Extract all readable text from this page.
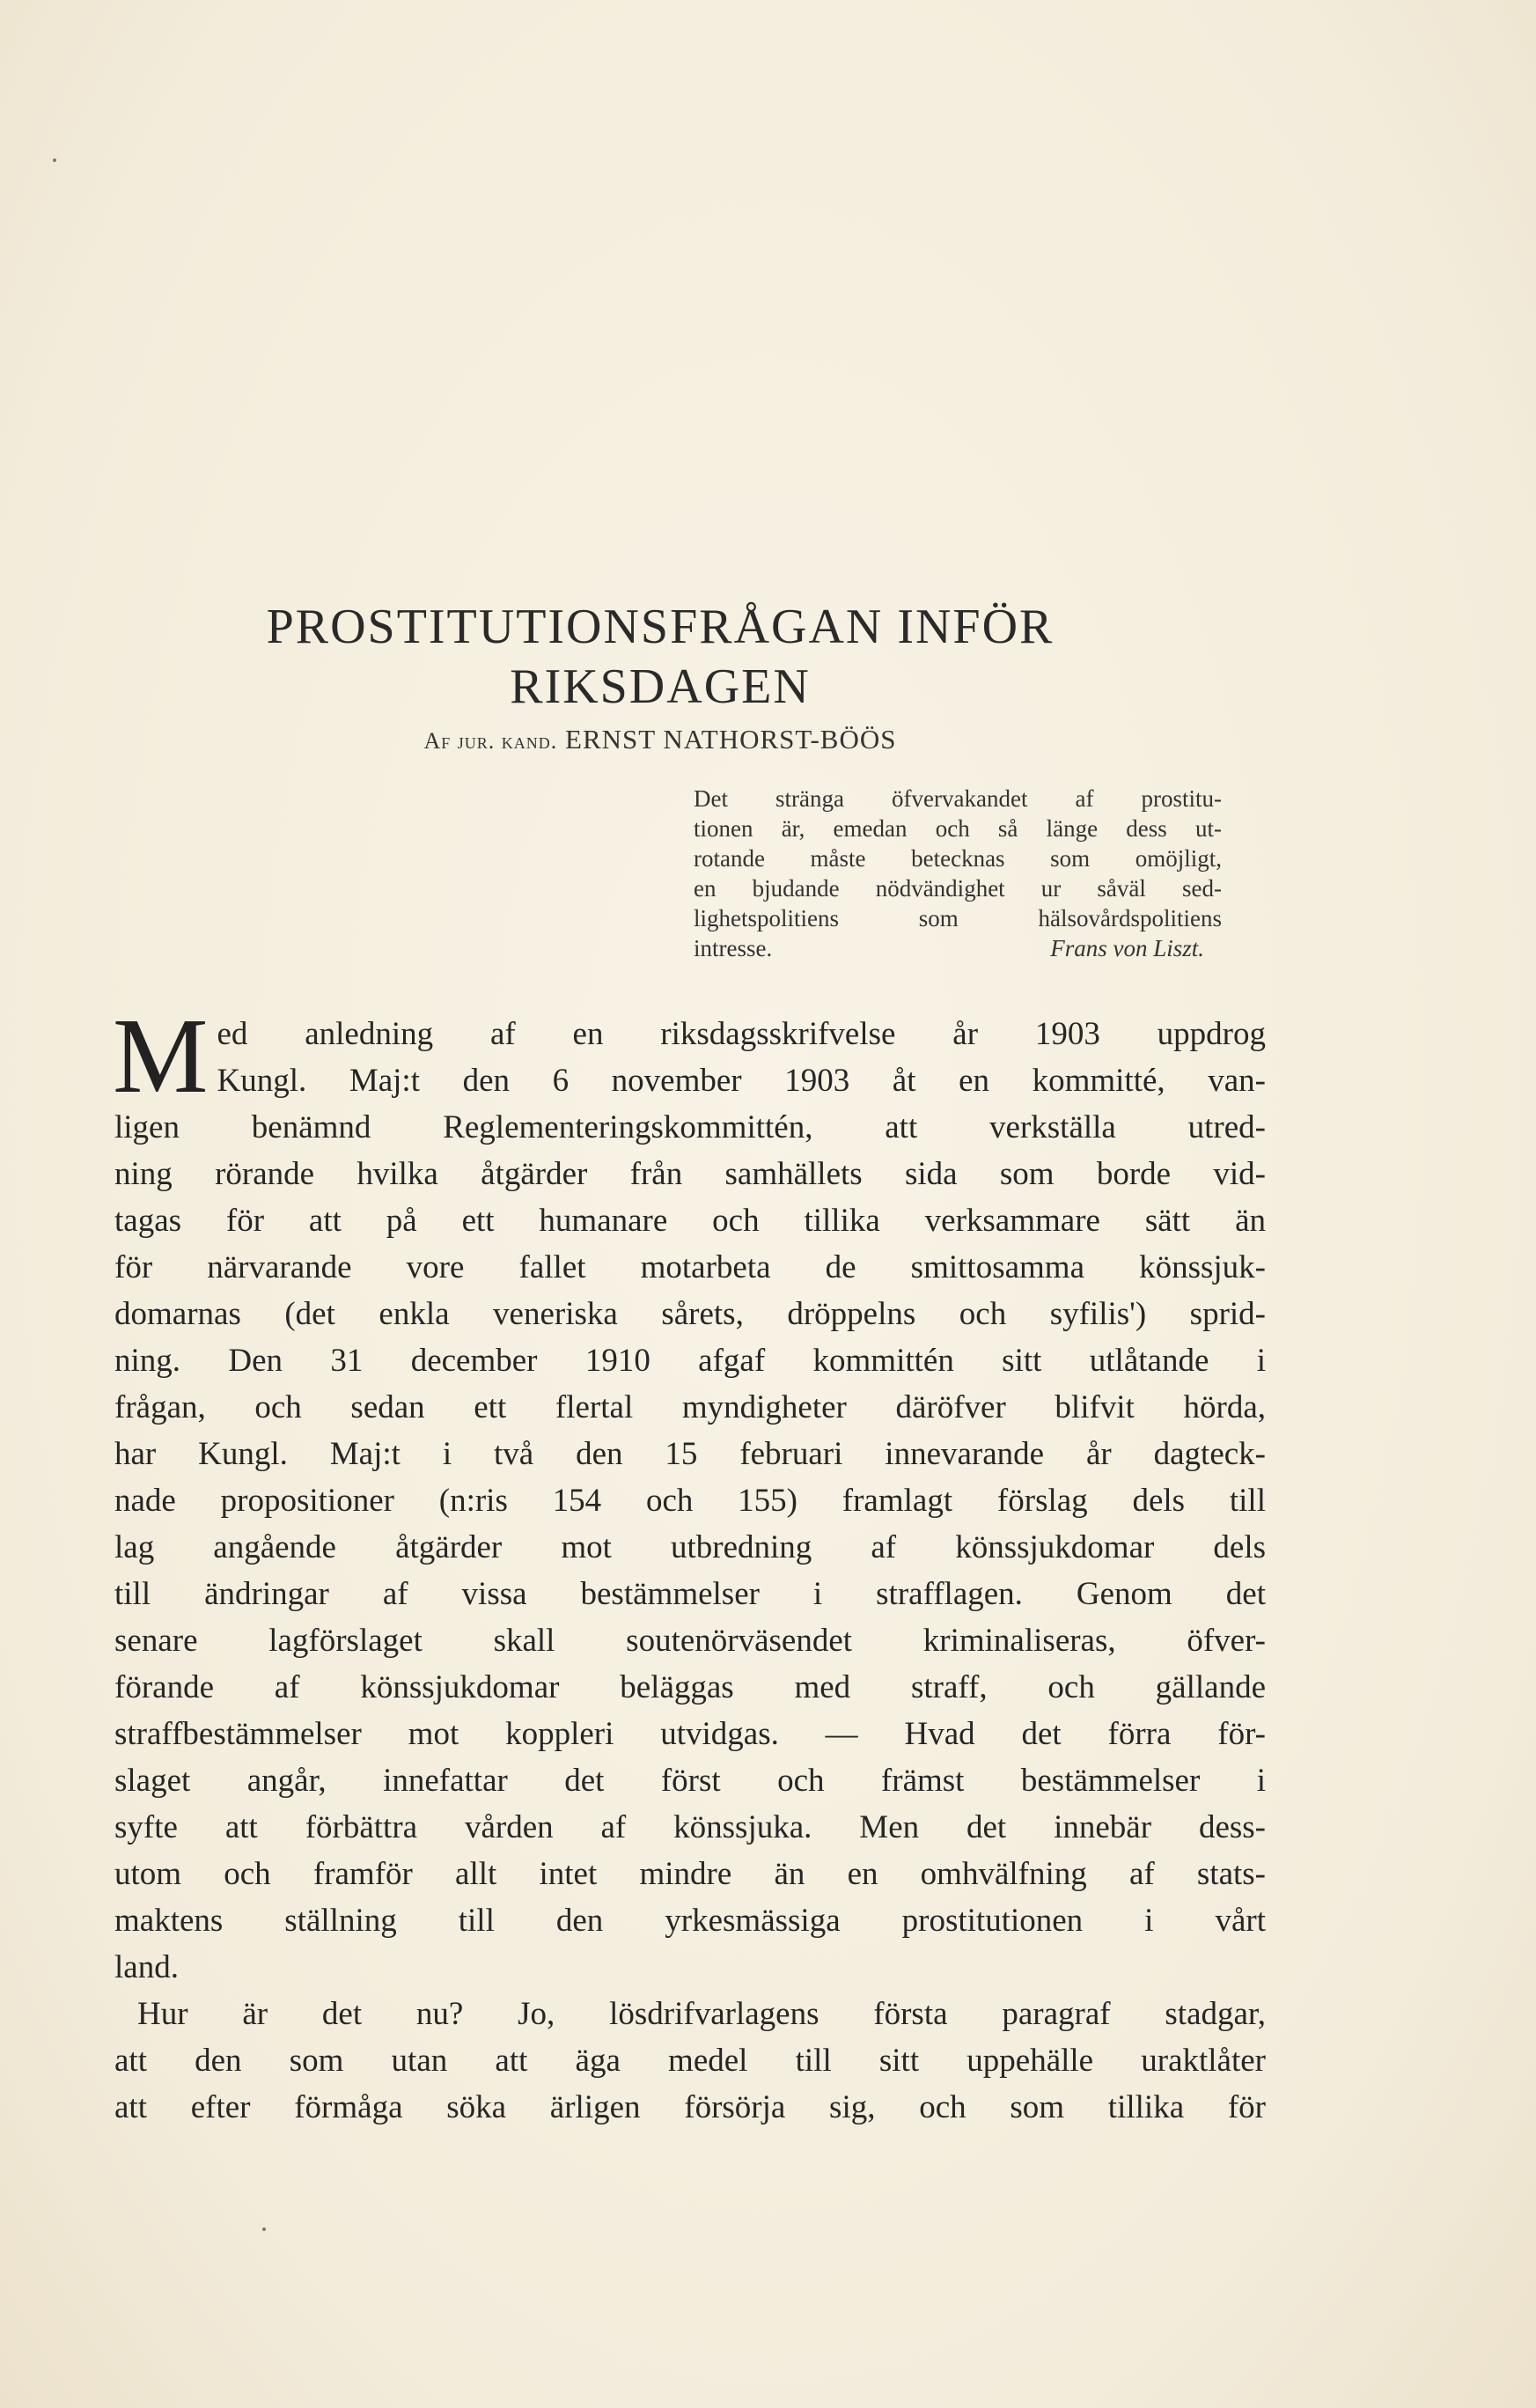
PROSTITUTIONSFRÅGAN INFÖR
RIKSDAGEN
Af jur. kand. ERNST NATHORST-BÖÖS
Det stränga öfvervakandet af prostitu-
tionen är, emedan och så länge dess ut-
rotande måste betecknas som omöjligt,
en bjudande nödvändighet ur såväl sed-
lighetspolitiens som hälsovårdspolitiens
intresse.	Frans von Liszt.
M ed anledning af en riksdagsskrifvelse år 1903 uppdrog
Kungl. Maj:t den 6 november 1903 åt en kommitté, van-
ligen benämnd Reglementeringskommittén, att verkställa utred-
ning rörande hvilka åtgärder från samhällets sida som borde vid-
tagas för att på ett humanare och tillika verksammare sätt än
för närvarande vore fallet motarbeta de smittosamma könssjuk-
domarnas (det enkla veneriska sårets, dröppelns och syfilis') sprid-
ning. Den 31 december 1910 afgaf kommittén sitt utlåtande i
frågan, och sedan ett flertal myndigheter däröfver blifvit hörda,
har Kungl. Maj:t i två den 15 februari innevarande år dagteck-
nade propositioner (n:ris 154 och 155) framlagt förslag dels till
lag angående åtgärder mot utbredning af könssjukdomar dels
till ändringar af vissa bestämmelser i strafflagen. Genom det
senare lagförslaget skall soutenörväsendet kriminaliseras, öfver-
förande af könssjukdomar beläggas med straff, och gällande
straffbestämmelser mot koppleri utvidgas. — Hvad det förra för-
slaget angår, innefattar det först och främst bestämmelser i
syfte att förbättra vården af könssjuka. Men det innebär dess-
utom och framför allt intet mindre än en omhvälfning af stats-
maktens ställning till den yrkesmässiga prostitutionen i vårt
land.
Hur är det nu? Jo, lösdrifvarlagens första paragraf stadgar,
att den som utan att äga medel till sitt uppehälle uraktlåter
att efter förmåga söka ärligen försörja sig, och som tillika för
